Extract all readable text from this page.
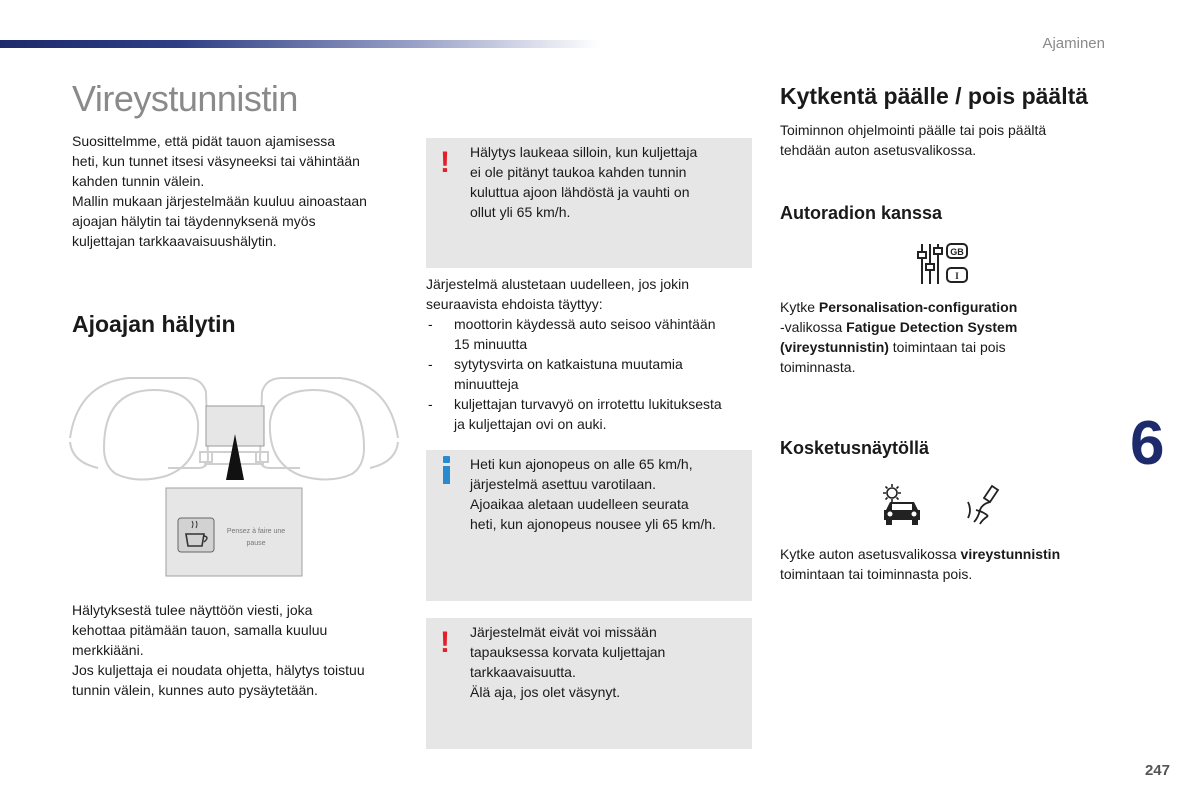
Ajaminen
Vireystunnistin
Suosittelmme, että pidät tauon ajamisessa
heti, kun tunnet itsesi väsyneeksi tai vähintään
kahden tunnin välein.
Mallin mukaan järjestelmään kuuluu ainoastaan
ajoajan hälytin tai täydennyksenä myös
kuljettajan tarkkaavaisuushälytin.
Ajoajan hälytin
Pensez à faire une
pause
Hälytyksestä tulee näyttöön viesti, joka
kehottaa pitämään tauon, samalla kuuluu
merkkiääni.
Jos kuljettaja ei noudata ohjetta, hälytys toistuu
tunnin välein, kunnes auto pysäytetään.
! Hälytys laukeaa silloin, kun kuljettaja
ei ole pitänyt taukoa kahden tunnin
kuluttua ajoon lähdöstä ja vauhti on
ollut yli 65 km/h.
Järjestelmä alustetaan uudelleen, jos jokin
seuraavista ehdoista täyttyy:
- moottorin käydessä auto seisoo vähintään
15 minuutta
- sytytysvirta on katkaistuna muutamia
minuutteja
- kuljettajan turvavyö on irrotettu lukituksesta
ja kuljettajan ovi on auki.
Heti kun ajonopeus on alle 65 km/h,
järjestelmä asettuu varotilaan.
Ajoaikaa aletaan uudelleen seurata
heti, kun ajonopeus nousee yli 65 km/h.
! Järjestelmät eivät voi missään
tapauksessa korvata kuljettajan
tarkkaavaisuutta.
Älä aja, jos olet väsynyt.
Kytkentä päälle / pois päältä
Toiminnon ohjelmointi päälle tai pois päältä
tehdään auton asetusvalikossa.
Autoradion kanssa
GB
I
Kytke Personalisation-configuration
-valikossa Fatigue Detection System
(vireystunnistin) toimintaan tai pois
toiminnasta.
Kosketusnäytöllä
Kytke auton asetusvalikossa vireystunnistin
toimintaan tai toiminnasta pois.
6
247
